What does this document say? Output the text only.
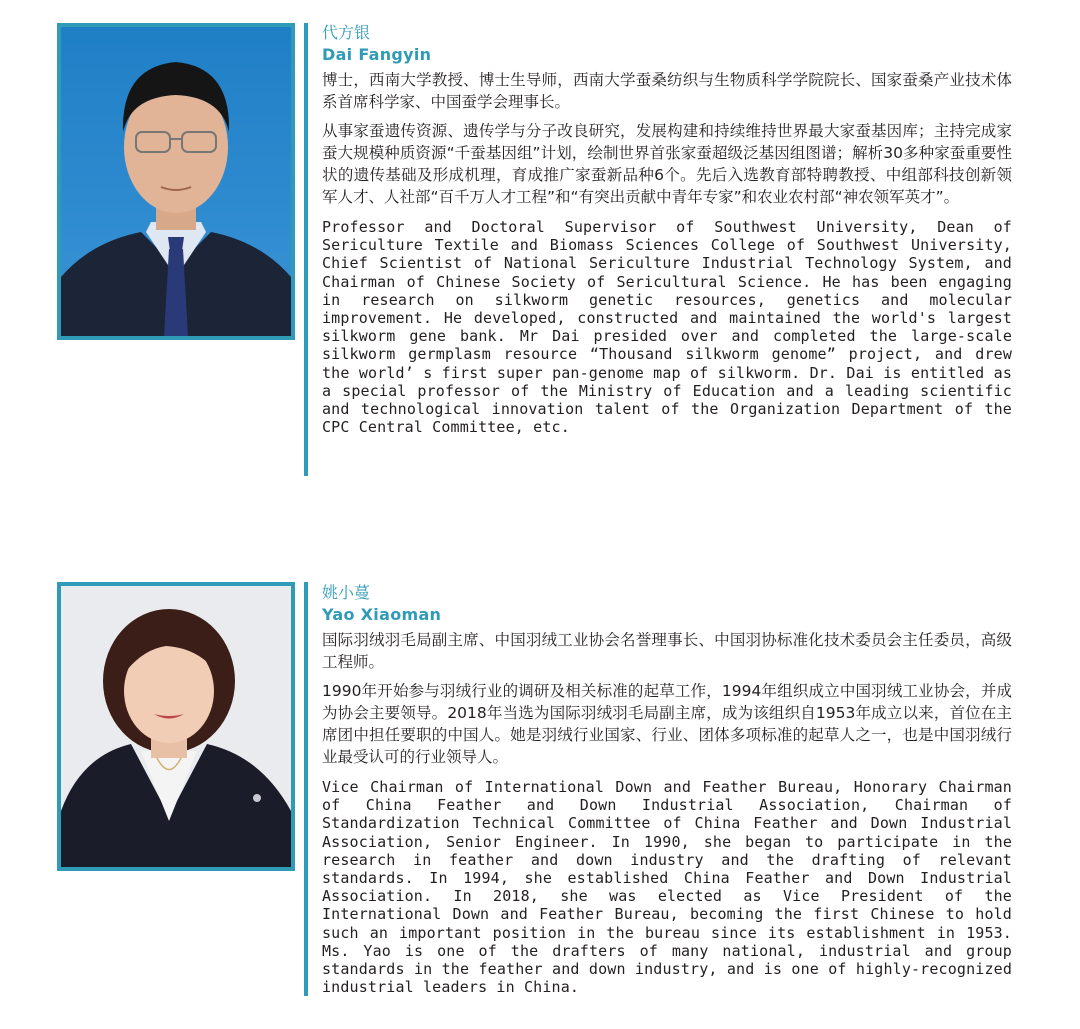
代方银

Dai Fangyin

博士，西南大学教授、博士生导师，西南大学蚕桑纺织与生物质科学学院院长、国家蚕桑产业技术体系首席科学家、中国蚕学会理事长。

从事家蚕遗传资源、遗传学与分子改良研究，发展构建和持续维持世界最大家蚕基因库；主持完成家蚕大规模种质资源“千蚕基因组”计划，绘制世界首张家蚕超级泛基因组图谱；解析30多种家蚕重要性状的遗传基础及形成机理，育成推广家蚕新品种6个。先后入选教育部特聘教授、中组部科技创新领军人才、人社部“百千万人才工程”和“有突出贡献中青年专家”和农业农村部“神农领军英才”。

Professor and Doctoral Supervisor of Southwest University, Dean of Sericulture Textile and Biomass Sciences College of Southwest University, Chief Scientist of National Sericulture Industrial Technology System, and Chairman of Chinese Society of Sericultural Science. He has been engaging in research on silkworm genetic resources, genetics and molecular improvement. He developed, constructed and maintained the world's largest silkworm gene bank. Mr Dai presided over and completed the large-scale silkworm germplasm resource “Thousand silkworm genome” project, and drew the world’ s first super pan-genome map of silkworm. Dr. Dai is entitled as a special professor of the Ministry of Education and a leading scientific and technological innovation talent of the Organization Department of the CPC Central Committee, etc.

姚小蔓

Yao Xiaoman

国际羽绒羽毛局副主席、中国羽绒工业协会名誉理事长、中国羽协标准化技术委员会主任委员，高级工程师。

1990年开始参与羽绒行业的调研及相关标准的起草工作，1994年组织成立中国羽绒工业协会，并成为协会主要领导。2018年当选为国际羽绒羽毛局副主席，成为该组织自1953年成立以来，首位在主席团中担任要职的中国人。她是羽绒行业国家、行业、团体多项标准的起草人之一，也是中国羽绒行业最受认可的行业领导人。

Vice Chairman of International Down and Feather Bureau, Honorary Chairman of China Feather and Down Industrial Association, Chairman of Standardization Technical Committee of China Feather and Down Industrial Association, Senior Engineer. In 1990, she began to participate in the research in feather and down industry and the drafting of relevant standards. In 1994, she established China Feather and Down Industrial Association. In 2018, she was elected as Vice President of the International Down and Feather Bureau, becoming the first Chinese to hold such an important position in the bureau since its establishment in 1953. Ms. Yao is one of the drafters of many national, industrial and group standards in the feather and down industry, and is one of highly-recognized industrial leaders in China.
